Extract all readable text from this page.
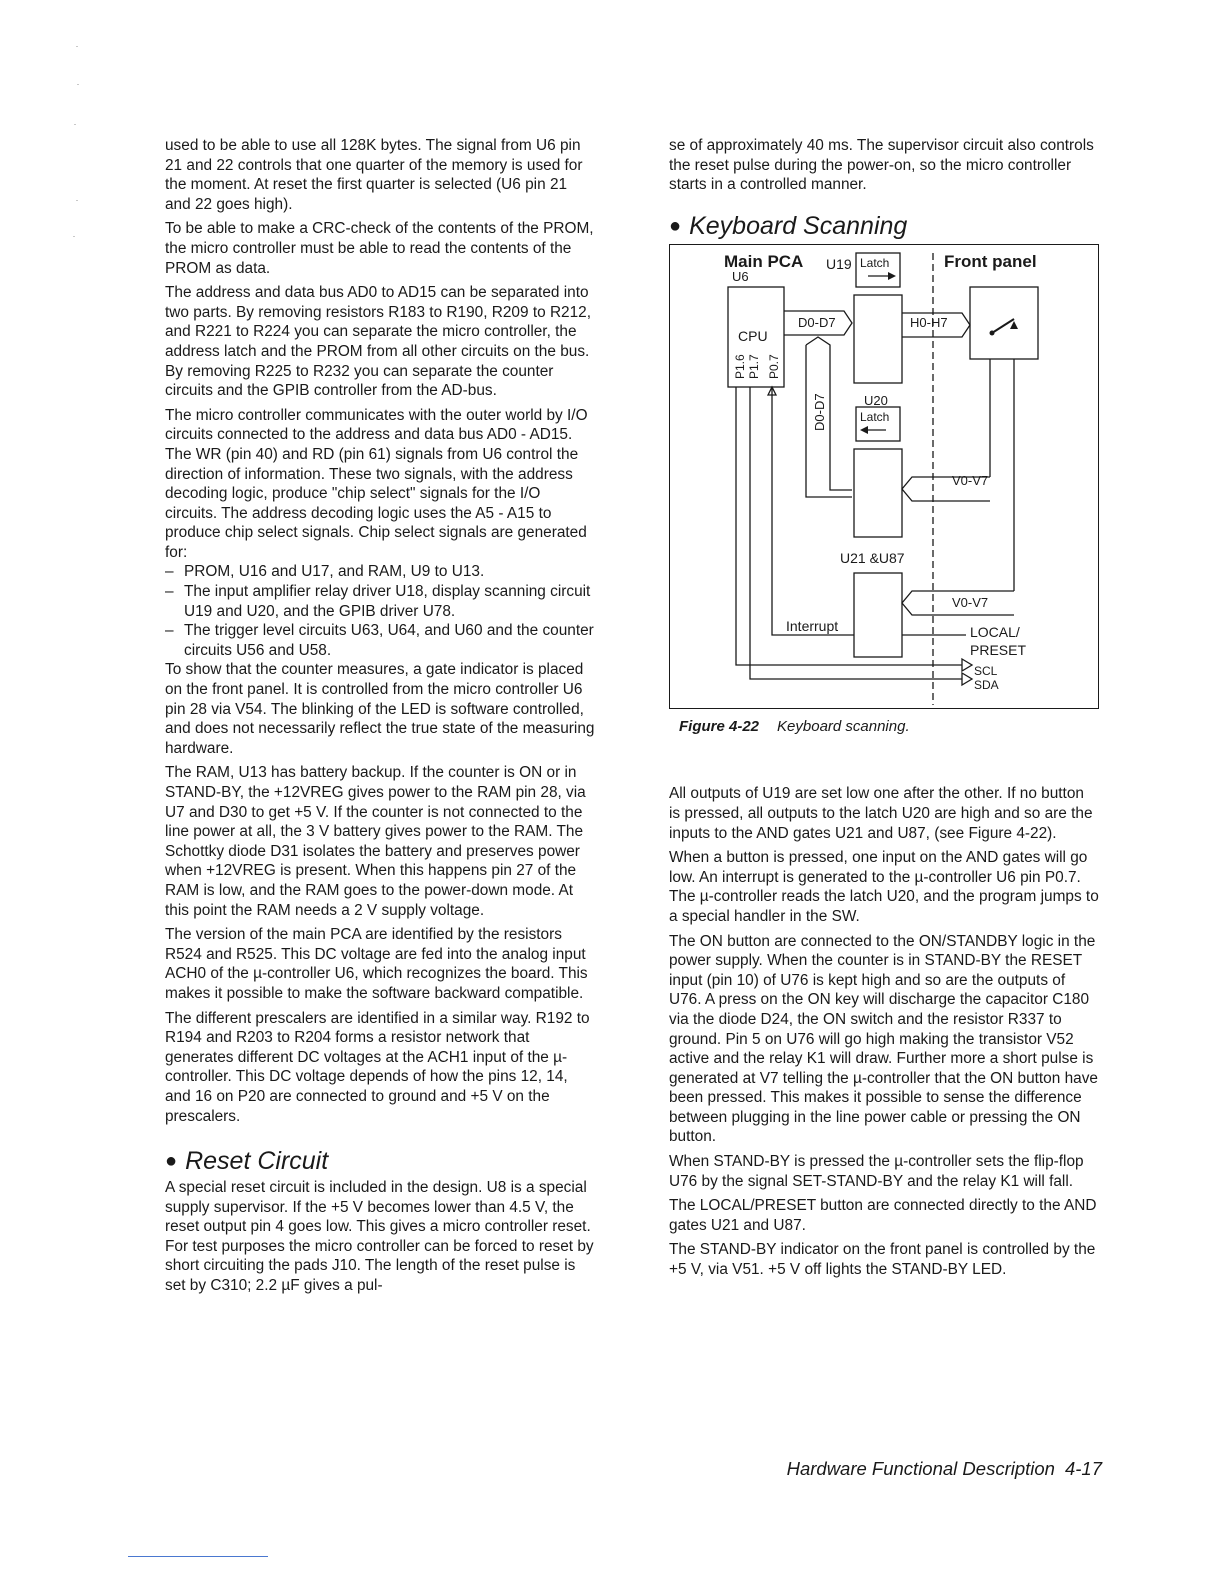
used to be able to use all 128K bytes. The signal from U6 pin 21 and 22 controls that one quarter of the memory is used for the moment. At reset the first quarter is selected (U6 pin 21 and 22 goes high).

To be able to make a CRC-check of the contents of the PROM, the micro controller must be able to read the contents of the PROM as data.

The address and data bus AD0 to AD15 can be separated into two parts. By removing resistors R183 to R190, R209 to R212, and R221 to R224 you can separate the micro controller, the address latch and the PROM from all other circuits on the bus. By removing R225 to R232 you can separate the counter circuits and the GPIB controller from the AD-bus.

The micro controller communicates with the outer world by I/O circuits connected to the address and data bus AD0 - AD15. The WR (pin 40) and RD (pin 61) signals from U6 control the direction of information. These two signals, with the address decoding logic, produce "chip select" signals for the I/O circuits. The address decoding logic uses the A5 - A15 to produce chip select signals. Chip select signals are generated for:

– PROM, U16 and U17, and RAM, U9 to U13.
– The input amplifier relay driver U18, display scanning circuit U19 and U20, and the GPIB driver U78.
– The trigger level circuits U63, U64, and U60 and the counter circuits U56 and U58.

To show that the counter measures, a gate indicator is placed on the front panel. It is controlled from the micro controller U6 pin 28 via V54. The blinking of the LED is software controlled, and does not necessarily reflect the true state of the measuring hardware.

The RAM, U13 has battery backup. If the counter is ON or in STAND-BY, the +12VREG gives power to the RAM pin 28, via U7 and D30 to get +5 V. If the counter is not connected to the line power at all, the 3 V battery gives power to the RAM. The Schottky diode D31 isolates the battery and preserves power when +12VREG is present. When this happens pin 27 of the RAM is low, and the RAM goes to the power-down mode. At this point the RAM needs a 2 V supply voltage.

The version of the main PCA are identified by the resistors R524 and R525. This DC voltage are fed into the analog input ACH0 of the µ-controller U6, which recognizes the board. This makes it possible to make the software backward compatible.

The different prescalers are identified in a similar way. R192 to R194 and R203 to R204 forms a resistor network that generates different DC voltages at the ACH1 input of the µ-controller. This DC voltage depends of how the pins 12, 14, and 16 on P20 are connected to ground and +5 V on the prescalers.

● Reset Circuit

A special reset circuit is included in the design. U8 is a special supply supervisor. If the +5 V becomes lower than 4.5 V, the reset output pin 4 goes low. This gives a micro controller reset. For test purposes the micro controller can be forced to reset by short circuiting the pads J10. The length of the reset pulse is set by C310; 2.2 µF gives a pul-

se of approximately 40 ms. The supervisor circuit also controls the reset pulse during the power-on, so the micro controller starts in a controlled manner.

● Keyboard Scanning
Main PCA
U6
U19 Latch	Front panel
CPU
D0-D7	H0-H7
P1.6 P1.7 P0.7
D0-D7	U20
Latch
V0-V7
U21 &U87
V0-V7
Interrupt	LOCAL/
PRESET
SCL
SDA
Figure 4-22 Keyboard scanning.

All outputs of U19 are set low one after the other. If no button is pressed, all outputs to the latch U20 are high and so are the inputs to the AND gates U21 and U87, (see Figure 4-22).

When a button is pressed, one input on the AND gates will go low. An interrupt is generated to the µ-controller U6 pin P0.7. The µ-controller reads the latch U20, and the program jumps to a special handler in the SW.

The ON button are connected to the ON/STANDBY logic in the power supply. When the counter is in STAND-BY the RESET input (pin 10) of U76 is kept high and so are the outputs of U76. A press on the ON key will discharge the capacitor C180 via the diode D24, the ON switch and the resistor R337 to ground. Pin 5 on U76 will go high making the transistor V52 active and the relay K1 will draw. Further more a short pulse is generated at V7 telling the µ-controller that the ON button have been pressed. This makes it possible to sense the difference between plugging in the line power cable or pressing the ON button.

When STAND-BY is pressed the µ-controller sets the flip-flop U76 by the signal SET-STAND-BY and the relay K1 will fall.

The LOCAL/PRESET button are connected directly to the AND gates U21 and U87.

The STAND-BY indicator on the front panel is controlled by the +5 V, via V51. +5 V off lights the STAND-BY LED.

Hardware Functional Description 4-17
